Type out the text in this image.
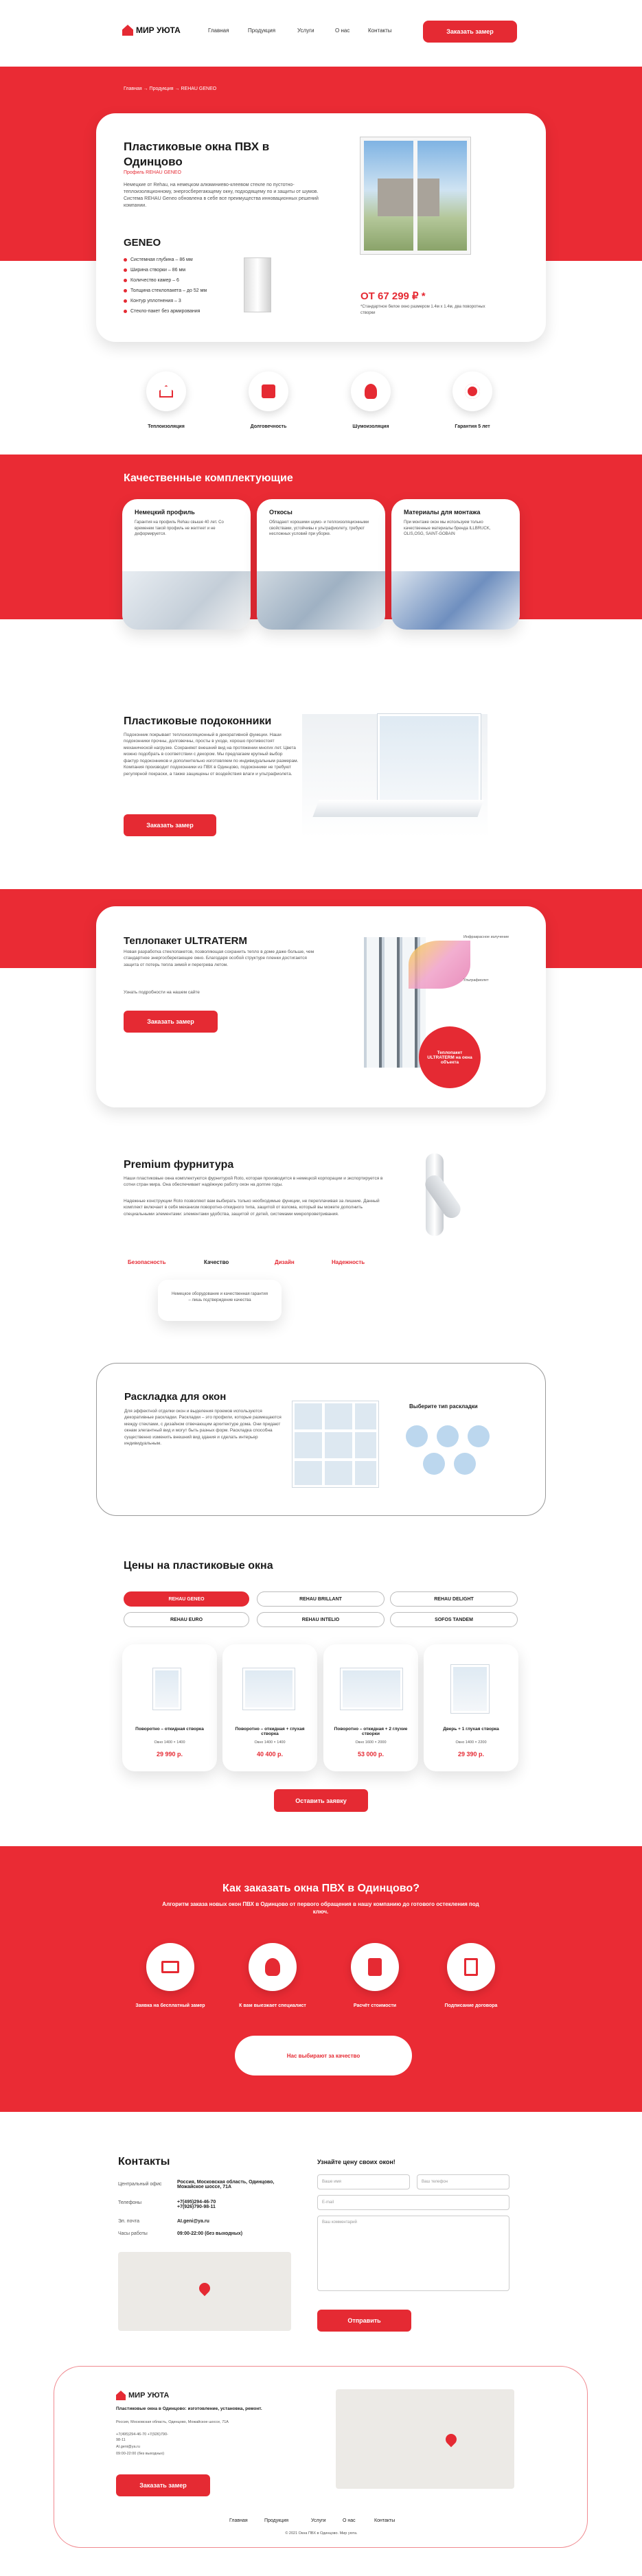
МИР УЮТА	Главная	Продукция	Услуги	О нас	Контакты	Заказать замер
Главная → Продукция → REHAU GENEO
Пластиковые окна ПВХ в Одинцово
Профиль REHAU GENEO
Немецкие от Rehau, на немецком алюминиево-клеевом стекле по пустотно-теплоизоляционному, энергосберегающему окну, подходящему по и защиты от шумов. Система REHAU Geneo обновлена в себе все преимущества инновационных решений компании.
GENEO
Системная глубина – 86 мм
Ширина створки – 86 мм
Количество камер – 6
Толщина стеклопакета – до 52 мм
Контур уплотнения – 3
Стекло-пакет без армирования
ОТ 67 299 ₽ *
*Стандартное белое окно размером 1.4м х 1.4м, два поворотных створки
Теплоизоляция	Долговечность	Шумоизоляция	Гарантия 5 лет
Качественные комплектующие
Немецкий профиль
Гарантия на профиль Rehau свыше 40 лет. Со временем такой профиль не желтеет и не деформируется.
Откосы
Обладают хорошими шумо- и теплоизоляционными свойствами, устойчивы к ультрафиолету, требуют несложных условий при уборке.
Материалы для монтажа
При монтаже окон мы используем только качественные материалы бренда ILLBRUCK, OLIS,OSG, SAINT-GOBAIN
Пластиковые подоконники
Подоконник покрывает теплоизоляционный в декоративной функции. Наши подоконники прочны, долговечны, просты в уходе, хорошо противостоят механической нагрузке. Сохраняют внешний вид на протяжении многих лет. Цвета можно подобрать в соответствии с декором. Мы предлагаем крупный выбор фактур подоконников и дополнительно изготовляем по индивидуальным размерам. Компания производит подоконники из ПВХ в Одинцово, подоконники не требуют регулярной покраски, а также защищены от воздействия влаги и ультрафиолета.
Заказать замер
Теплопакет ULTRATERM
Новая разработка стеклопакетов, позволяющая сохранить тепло в доме даже больше, чем стандартное энергосберегающее окно. Благодаря особой структуре пленки достигается защита от потерь тепла зимой и перегрева летом.
Узнать подробности на нашем сайте
Заказать замер
Инфракрасное излучение
Ультрафиолет
Теплопакет ULTRATERM на окна объекта
Premium фурнитура
Наши пластиковые окна комплектуются фурнитурой Roto, которая производится в немецкой корпорации и экспортируется в сотни стран мира. Она обеспечивает надёжную работу окон на долгие годы.
Надежные конструкции Roto позволяют вам выбирать только необходимые функции, не переплачивая за лишние. Данный комплект включает в себя механизм поворотно-откидного типа, защитой от взлома, который вы можете дополнить специальными элементами: элементами удобства, защитой от детей, системами микропроветривания.
Безопасность	Качество	Дизайн	Надежность
Немецкое оборудование и качественная гарантия – лишь подтверждение качества
Раскладка для окон
Для эффектной отделки окон и выделения проемов используются декоративные раскладки. Раскладки – это профили, которые размещаются между стеклами, с дизайном отвечающим архитектуре дома. Они придают окнам элегантный вид и могут быть разных форм. Раскладка способна существенно изменить внешний вид здания и сделать интерьер индивидуальным.
Выберите тип раскладки
Цены на пластиковые окна
REHAU GENEO	REHAU BRILLANT	REHAU DELIGHT
REHAU EURO	REHAU INTELIO	SOFOS TANDEM
Поворотно – откидная створка
Окно 1400 × 1400
29 990 р.
Поворотно – откидная + глухая створка
Окно 1400 × 1400
40 400 р.
Поворотно – откидная + 2 глухие створки
Окно 1600 × 2000
53 000 р.
Дверь + 1 глухая створка
Окно 1400 × 2200
29 390 р.
Оставить заявку
Как заказать окна ПВХ в Одинцово?
Алгоритм заказа новых окон ПВХ в Одинцово от первого обращения в нашу компанию до готового остекления под ключ.
Заявка на бесплатный замер	К вам выезжает специалист	Расчёт стоимости	Подписание договора
Нас выбирают за качество
Контакты
Центральный офис	Россия, Московская область, Одинцово, Можайское шоссе, 71А
Телефоны	+7(495)294-46-70 +7(926)790-98-11
Эл. почта	AI.geni@ya.ru
Часы работы	09:00-22:00 (без выходных)
Узнайте цену своих окон!
Ваше имя	Ваш телефон
E-mail
Ваш комментарий
Отправить
МИР УЮТА
Пластиковые окна в Одинцово: изготовление, установка, ремонт.
Россия, Московская область, Одинцово, Можайское шоссе, 71А
+7(495)294-46-70 +7(926)790-98-11
AI.geni@ya.ru
09:00-22:00 (без выходных)
Заказать замер
Главная	Продукция	Услуги	О нас	Контакты
© 2021 Окна ПВХ в Одинцово. Мир уюта.
